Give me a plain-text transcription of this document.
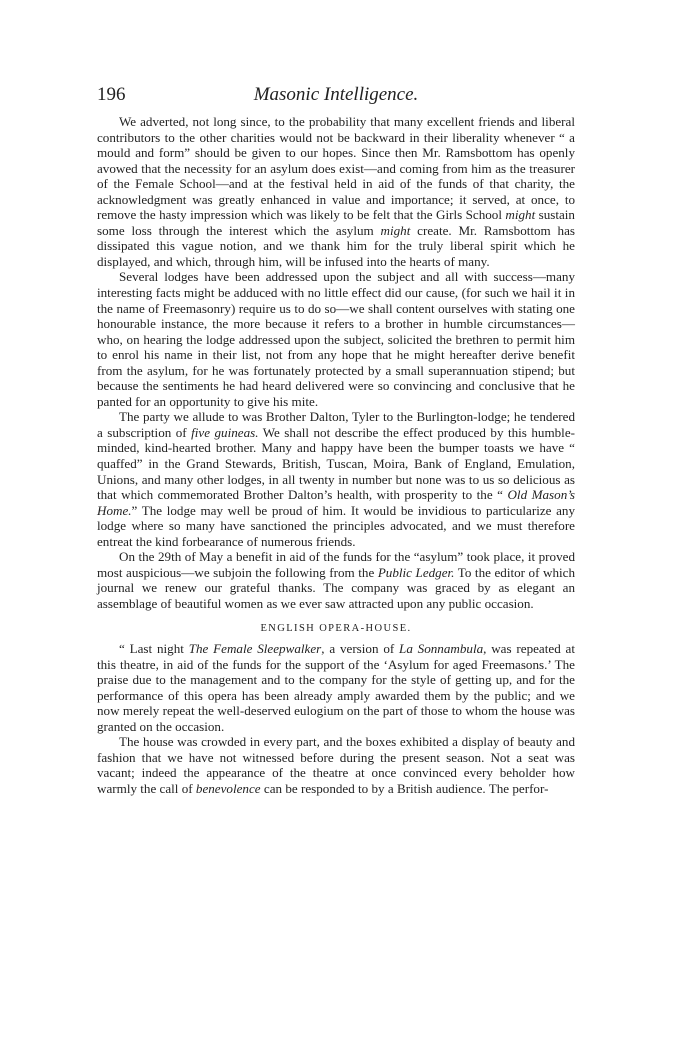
196	Masonic Intelligence.

We adverted, not long since, to the probability that many excellent friends and liberal contributors to the other charities would not be backward in their liberality whenever “ a mould and form” should be given to our hopes. Since then Mr. Ramsbottom has openly avowed that the necessity for an asylum does exist—and coming from him as the treasurer of the Female School—and at the festival held in aid of the funds of that charity, the acknowledgment was greatly enhanced in value and importance; it served, at once, to remove the hasty impression which was likely to be felt that the Girls School might sustain some loss through the interest which the asylum might create. Mr. Ramsbottom has dissipated this vague notion, and we thank him for the truly liberal spirit which he displayed, and which, through him, will be infused into the hearts of many.

Several lodges have been addressed upon the subject and all with success—many interesting facts might be adduced with no little effect did our cause, (for such we hail it in the name of Freemasonry) require us to do so—we shall content ourselves with stating one honourable instance, the more because it refers to a brother in humble circumstances—who, on hearing the lodge addressed upon the subject, solicited the brethren to permit him to enrol his name in their list, not from any hope that he might hereafter derive benefit from the asylum, for he was fortunately protected by a small superannuation stipend; but because the sentiments he had heard delivered were so convincing and conclusive that he panted for an opportunity to give his mite.

The party we allude to was Brother Dalton, Tyler to the Burlington-lodge; he tendered a subscription of five guineas. We shall not describe the effect produced by this humble-minded, kind-hearted brother. Many and happy have been the bumper toasts we have “ quaffed” in the Grand Stewards, British, Tuscan, Moira, Bank of England, Emulation, Unions, and many other lodges, in all twenty in number but none was to us so delicious as that which commemorated Brother Dalton’s health, with prosperity to the “ Old Mason’s Home.” The lodge may well be proud of him. It would be invidious to particularize any lodge where so many have sanctioned the principles advocated, and we must therefore entreat the kind forbearance of numerous friends.

On the 29th of May a benefit in aid of the funds for the “asylum” took place, it proved most auspicious—we subjoin the following from the Public Ledger. To the editor of which journal we renew our grateful thanks. The company was graced by as elegant an assemblage of beautiful women as we ever saw attracted upon any public occasion.

ENGLISH OPERA-HOUSE.

“ Last night The Female Sleepwalker, a version of La Sonnambula, was repeated at this theatre, in aid of the funds for the support of the ‘Asylum for aged Freemasons.’ The praise due to the management and to the company for the style of getting up, and for the performance of this opera has been already amply awarded them by the public; and we now merely repeat the well-deserved eulogium on the part of those to whom the house was granted on the occasion.

The house was crowded in every part, and the boxes exhibited a display of beauty and fashion that we have not witnessed before during the present season. Not a seat was vacant; indeed the appearance of the theatre at once convinced every beholder how warmly the call of benevolence can be responded to by a British audience. The perfor-
